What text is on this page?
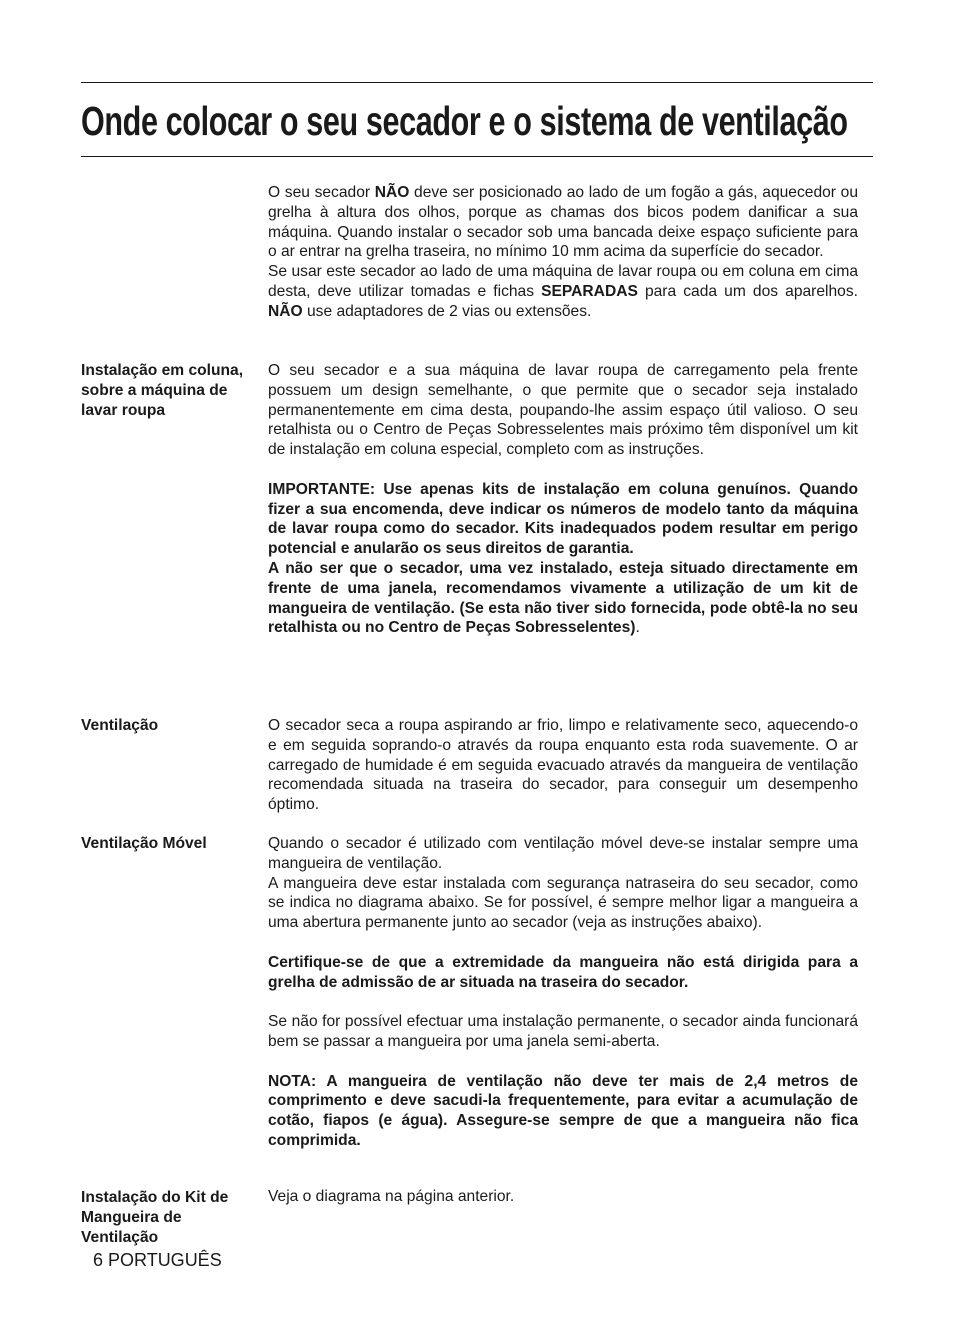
Onde colocar o seu secador e o sistema de ventilação

O seu secador NÃO deve ser posicionado ao lado de um fogão a gás, aquecedor ou grelha à altura dos olhos, porque as chamas dos bicos podem danificar a sua máquina. Quando instalar o secador sob uma bancada deixe espaço suficiente para o ar entrar na grelha traseira, no mínimo 10 mm acima da superfície do secador.

Se usar este secador ao lado de uma máquina de lavar roupa ou em coluna em cima desta, deve utilizar tomadas e fichas SEPARADAS para cada um dos aparelhos. NÃO use adaptadores de 2 vias ou extensões.

Instalação em coluna, sobre a máquina de lavar roupa

O seu secador e a sua máquina de lavar roupa de carregamento pela frente possuem um design semelhante, o que permite que o secador seja instalado permanentemente em cima desta, poupando-lhe assim espaço útil valioso. O seu retalhista ou o Centro de Peças Sobresselentes mais próximo têm disponível um kit de instalação em coluna especial, completo com as instruções.

IMPORTANTE: Use apenas kits de instalação em coluna genuínos. Quando fizer a sua encomenda, deve indicar os números de modelo tanto da máquina de lavar roupa como do secador. Kits inadequados podem resultar em perigo potencial e anularão os seus direitos de garantia.

A não ser que o secador, uma vez instalado, esteja situado directamente em frente de uma janela, recomendamos vivamente a utilização de um kit de mangueira de ventilação. (Se esta não tiver sido fornecida, pode obtê-la no seu retalhista ou no Centro de Peças Sobresselentes).

Ventilação	O secador seca a roupa aspirando ar frio, limpo e relativamente seco, aquecendo-o e em seguida soprando-o através da roupa enquanto esta roda suavemente. O ar carregado de humidade é em seguida evacuado através da mangueira de ventilação recomendada situada na traseira do secador, para conseguir um desempenho óptimo.

Ventilação Móvel	Quando o secador é utilizado com ventilação móvel deve-se instalar sempre uma mangueira de ventilação.

A mangueira deve estar instalada com segurança natraseira do seu secador, como se indica no diagrama abaixo. Se for possível, é sempre melhor ligar a mangueira a uma abertura permanente junto ao secador (veja as instruções abaixo).

Certifique-se de que a extremidade da mangueira não está dirigida para a grelha de admissão de ar situada na traseira do secador.

Se não for possível efectuar uma instalação permanente, o secador ainda funcionará bem se passar a mangueira por uma janela semi-aberta.

NOTA: A mangueira de ventilação não deve ter mais de 2,4 metros de comprimento e deve sacudi-la frequentemente, para evitar a acumulação de cotão, fiapos (e água). Assegure-se sempre de que a mangueira não fica comprimida.

Instalação do Kit de Mangueira de Ventilação

Veja o diagrama na página anterior.

6 PORTUGUÊS
